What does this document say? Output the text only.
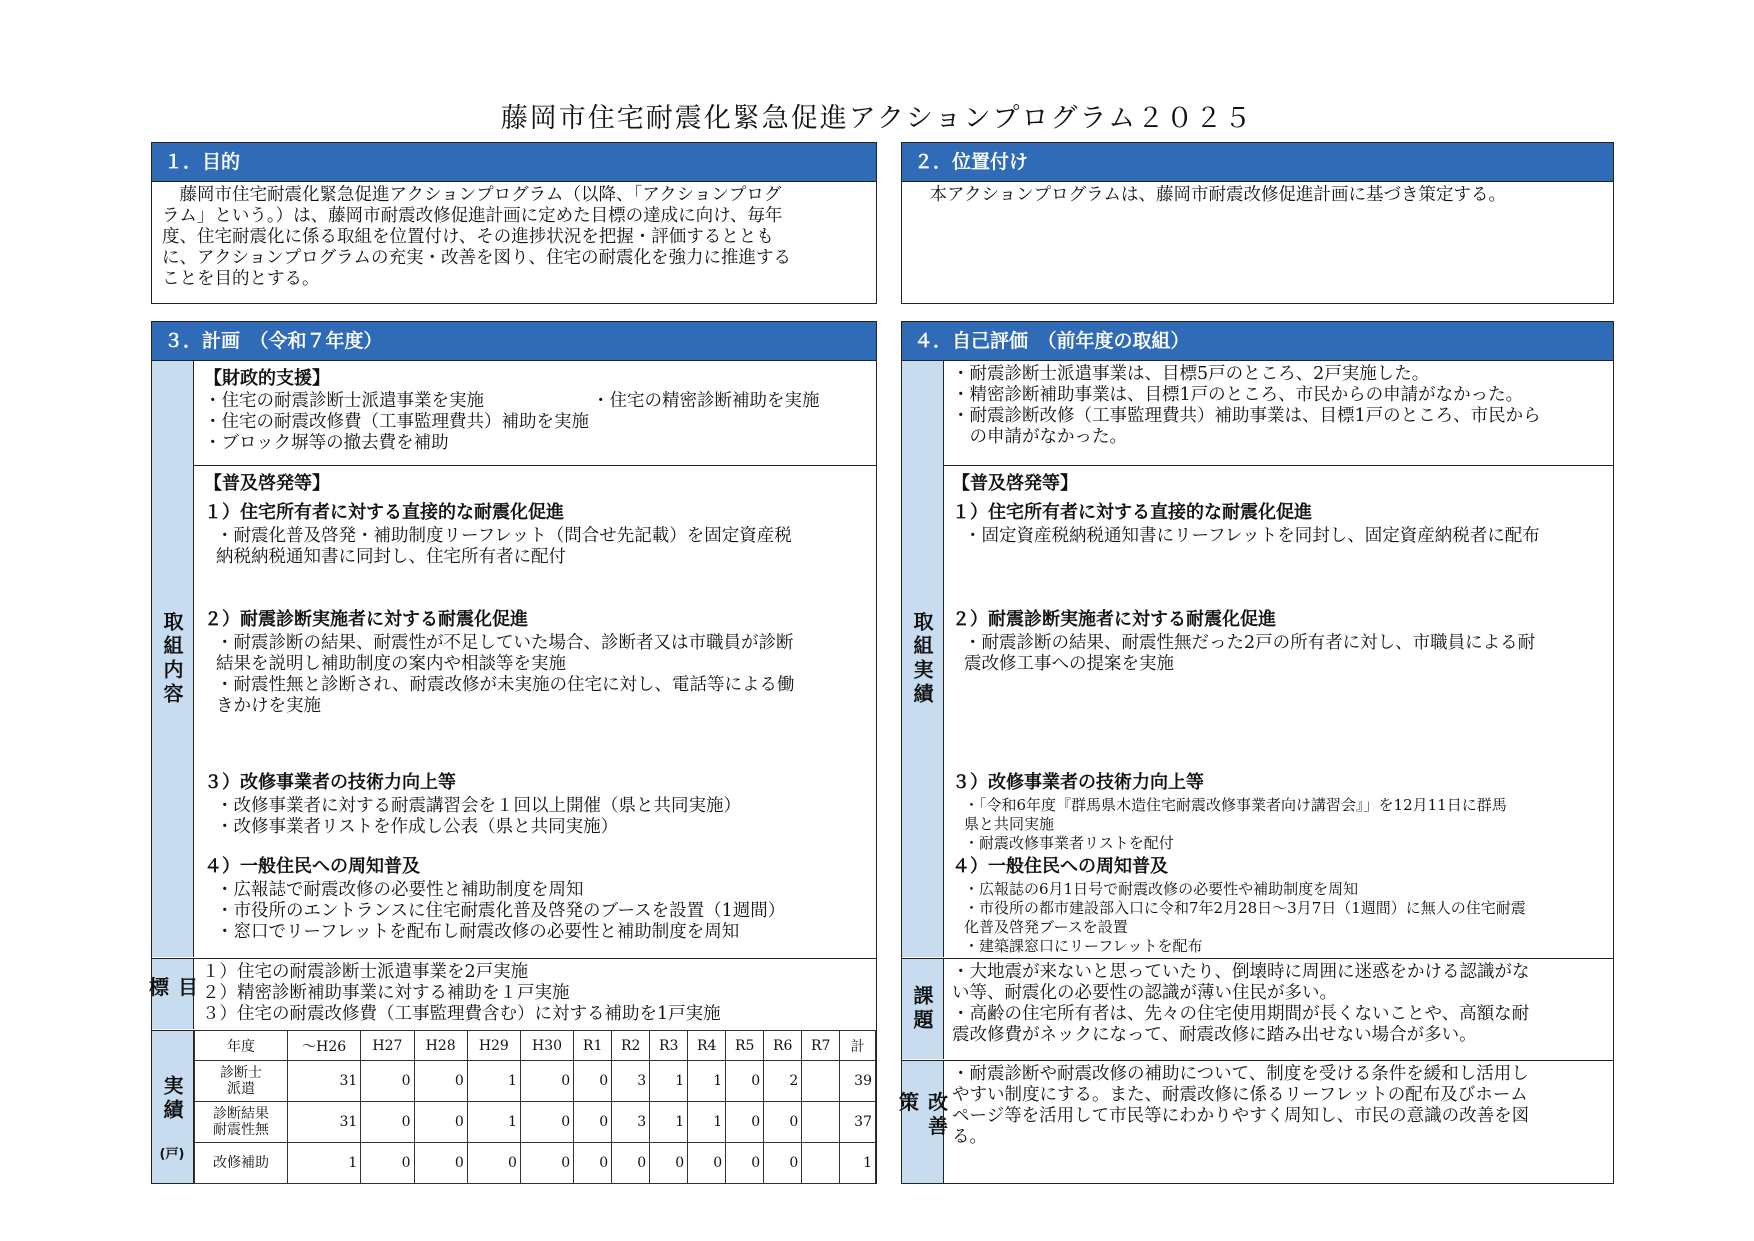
藤岡市住宅耐震化緊急促進アクションプログラム２０２５
１．目的
　藤岡市住宅耐震化緊急促進アクションプログラム（以降、「アクションプログ
ラム」という。）は、藤岡市耐震改修促進計画に定めた目標の達成に向け、毎年
度、住宅耐震化に係る取組を位置付け、その進捗状況を把握・評価するととも
に、アクションプログラムの充実・改善を図り、住宅の耐震化を強力に推進する
ことを目的とする。
２．位置付け
　本アクションプログラムは、藤岡市耐震改修促進計画に基づき策定する。
３．計画　（令和７年度）
取組内容
目標
実績
(戸)
【財政的支援】
・住宅の耐震診断士派遣事業を実施	・住宅の精密診断補助を実施
・住宅の耐震改修費（工事監理費共）補助を実施
・ブロック塀等の撤去費を補助
【普及啓発等】
１）住宅所有者に対する直接的な耐震化促進
・耐震化普及啓発・補助制度リーフレット（問合せ先記載）を固定資産税
納税納税通知書に同封し、住宅所有者に配付
２）耐震診断実施者に対する耐震化促進
・耐震診断の結果、耐震性が不足していた場合、診断者又は市職員が診断
結果を説明し補助制度の案内や相談等を実施
・耐震性無と診断され、耐震改修が未実施の住宅に対し、電話等による働
きかけを実施
３）改修事業者の技術力向上等
・改修事業者に対する耐震講習会を１回以上開催（県と共同実施）
・改修事業者リストを作成し公表（県と共同実施）
４）一般住民への周知普及
・広報誌で耐震改修の必要性と補助制度を周知
・市役所のエントランスに住宅耐震化普及啓発のブースを設置（1週間）
・窓口でリーフレットを配布し耐震改修の必要性と補助制度を周知
１）住宅の耐震診断士派遣事業を2戸実施
２）精密診断補助事業に対する補助を１戸実施
３）住宅の耐震改修費（工事監理費含む）に対する補助を1戸実施
年度	～H26	H27	H28	H29	H30	R1	R2	R3	R4	R5	R6	R7	計

診断士
派遣	31	0	0	1	0	0	3	1	1	0	2		39

診断結果
耐震性無	31	0	0	1	0	0	3	1	1	0	0		37

改修補助	1	0	0	0	0	0	0	0	0	0	0		1
４．自己評価　（前年度の取組）
取組実績
課題
改善策
・耐震診断士派遣事業は、目標5戸のところ、2戸実施した。
・精密診断補助事業は、目標1戸のところ、市民からの申請がなかった。
・耐震診断改修（工事監理費共）補助事業は、目標1戸のところ、市民から
　の申請がなかった。
【普及啓発等】
１）住宅所有者に対する直接的な耐震化促進
・固定資産税納税通知書にリーフレットを同封し、固定資産納税者に配布
２）耐震診断実施者に対する耐震化促進
・耐震診断の結果、耐震性無だった2戸の所有者に対し、市職員による耐
震改修工事への提案を実施
３）改修事業者の技術力向上等
・「令和6年度『群馬県木造住宅耐震改修事業者向け講習会』」を12月11日に群馬
県と共同実施
・耐震改修事業者リストを配付
４）一般住民への周知普及
・広報誌の6月1日号で耐震改修の必要性や補助制度を周知
・市役所の都市建設部入口に令和7年2月28日～3月7日（1週間）に無人の住宅耐震
化普及啓発ブースを設置
・建築課窓口にリーフレットを配布
・大地震が来ないと思っていたり、倒壊時に周囲に迷惑をかける認識がな
い等、耐震化の必要性の認識が薄い住民が多い。
・高齢の住宅所有者は、先々の住宅使用期間が長くないことや、高額な耐
震改修費がネックになって、耐震改修に踏み出せない場合が多い。
・耐震診断や耐震改修の補助について、制度を受ける条件を緩和し活用し
やすい制度にする。また、耐震改修に係るリーフレットの配布及びホーム
ページ等を活用して市民等にわかりやすく周知し、市民の意識の改善を図
る。
